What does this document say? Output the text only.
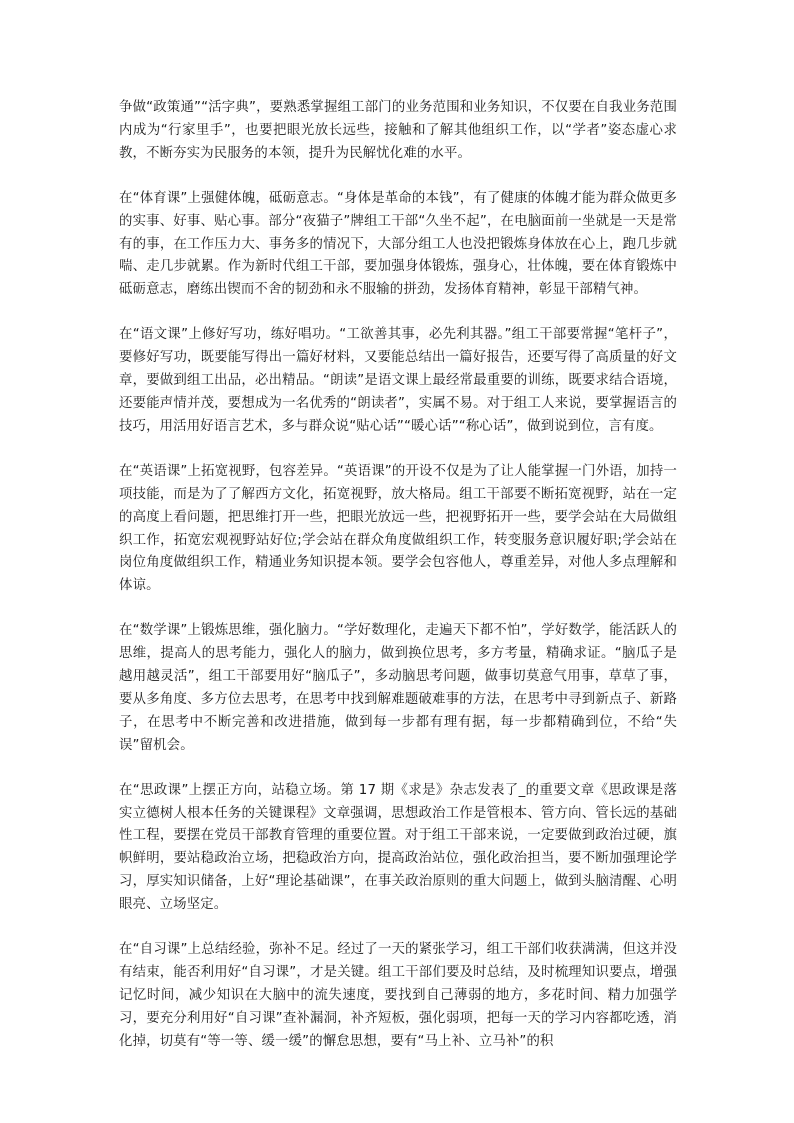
争做“政策通”“活字典”，要熟悉掌握组工部门的业务范围和业务知识，不仅要在自我业务范围内成为“行家里手”，也要把眼光放长远些，接触和了解其他组织工作，以“学者”姿态虚心求教，不断夯实为民服务的本领，提升为民解忧化难的水平。

在“体育课”上强健体魄，砥砺意志。“身体是革命的本钱”，有了健康的体魄才能为群众做更多的实事、好事、贴心事。部分“夜猫子”牌组工干部“久坐不起”，在电脑面前一坐就是一天是常有的事，在工作压力大、事务多的情况下，大部分组工人也没把锻炼身体放在心上，跑几步就喘、走几步就累。作为新时代组工干部，要加强身体锻炼，强身心，壮体魄，要在体育锻炼中砥砺意志，磨练出锲而不舍的韧劲和永不服输的拼劲，发扬体育精神，彰显干部精气神。

在“语文课”上修好写功，练好唱功。“工欲善其事，必先利其器。”组工干部要常握“笔杆子”，要修好写功，既要能写得出一篇好材料，又要能总结出一篇好报告，还要写得了高质量的好文章，要做到组工出品，必出精品。“朗读”是语文课上最经常最重要的训练，既要求结合语境，还要能声情并茂，要想成为一名优秀的“朗读者”，实属不易。对于组工人来说，要掌握语言的技巧，用活用好语言艺术，多与群众说“贴心话”“暖心话”“称心话”，做到说到位，言有度。

在“英语课”上拓宽视野，包容差异。“英语课”的开设不仅是为了让人能掌握一门外语，加持一项技能，而是为了了解西方文化，拓宽视野，放大格局。组工干部要不断拓宽视野，站在一定的高度上看问题，把思维打开一些，把眼光放远一些，把视野拓开一些，要学会站在大局做组织工作，拓宽宏观视野站好位;学会站在群众角度做组织工作，转变服务意识履好职;学会站在岗位角度做组织工作，精通业务知识提本领。要学会包容他人，尊重差异，对他人多点理解和体谅。

在“数学课”上锻炼思维，强化脑力。“学好数理化，走遍天下都不怕”，学好数学，能活跃人的思维，提高人的思考能力，强化人的脑力，做到换位思考，多方考量，精确求证。“脑瓜子是越用越灵活”，组工干部要用好“脑瓜子”，多动脑思考问题，做事切莫意气用事，草草了事，要从多角度、多方位去思考，在思考中找到解难题破难事的方法，在思考中寻到新点子、新路子，在思考中不断完善和改进措施，做到每一步都有理有据，每一步都精确到位，不给“失误”留机会。

在“思政课”上摆正方向，站稳立场。第 17 期《求是》杂志发表了_的重要文章《思政课是落实立德树人根本任务的关键课程》文章强调，思想政治工作是管根本、管方向、管长远的基础性工程，要摆在党员干部教育管理的重要位置。对于组工干部来说，一定要做到政治过硬，旗帜鲜明，要站稳政治立场，把稳政治方向，提高政治站位，强化政治担当，要不断加强理论学习，厚实知识储备，上好“理论基础课”，在事关政治原则的重大问题上，做到头脑清醒、心明眼亮、立场坚定。

在“自习课”上总结经验，弥补不足。经过了一天的紧张学习，组工干部们收获满满，但这并没有结束，能否利用好“自习课”，才是关键。组工干部们要及时总结，及时梳理知识要点，增强记忆时间，减少知识在大脑中的流失速度，要找到自己薄弱的地方，多花时间、精力加强学习，要充分利用好“自习课”查补漏洞，补齐短板，强化弱项，把每一天的学习内容都吃透，消化掉，切莫有“等一等、缓一缓”的懈怠思想，要有“马上补、立马补”的积
